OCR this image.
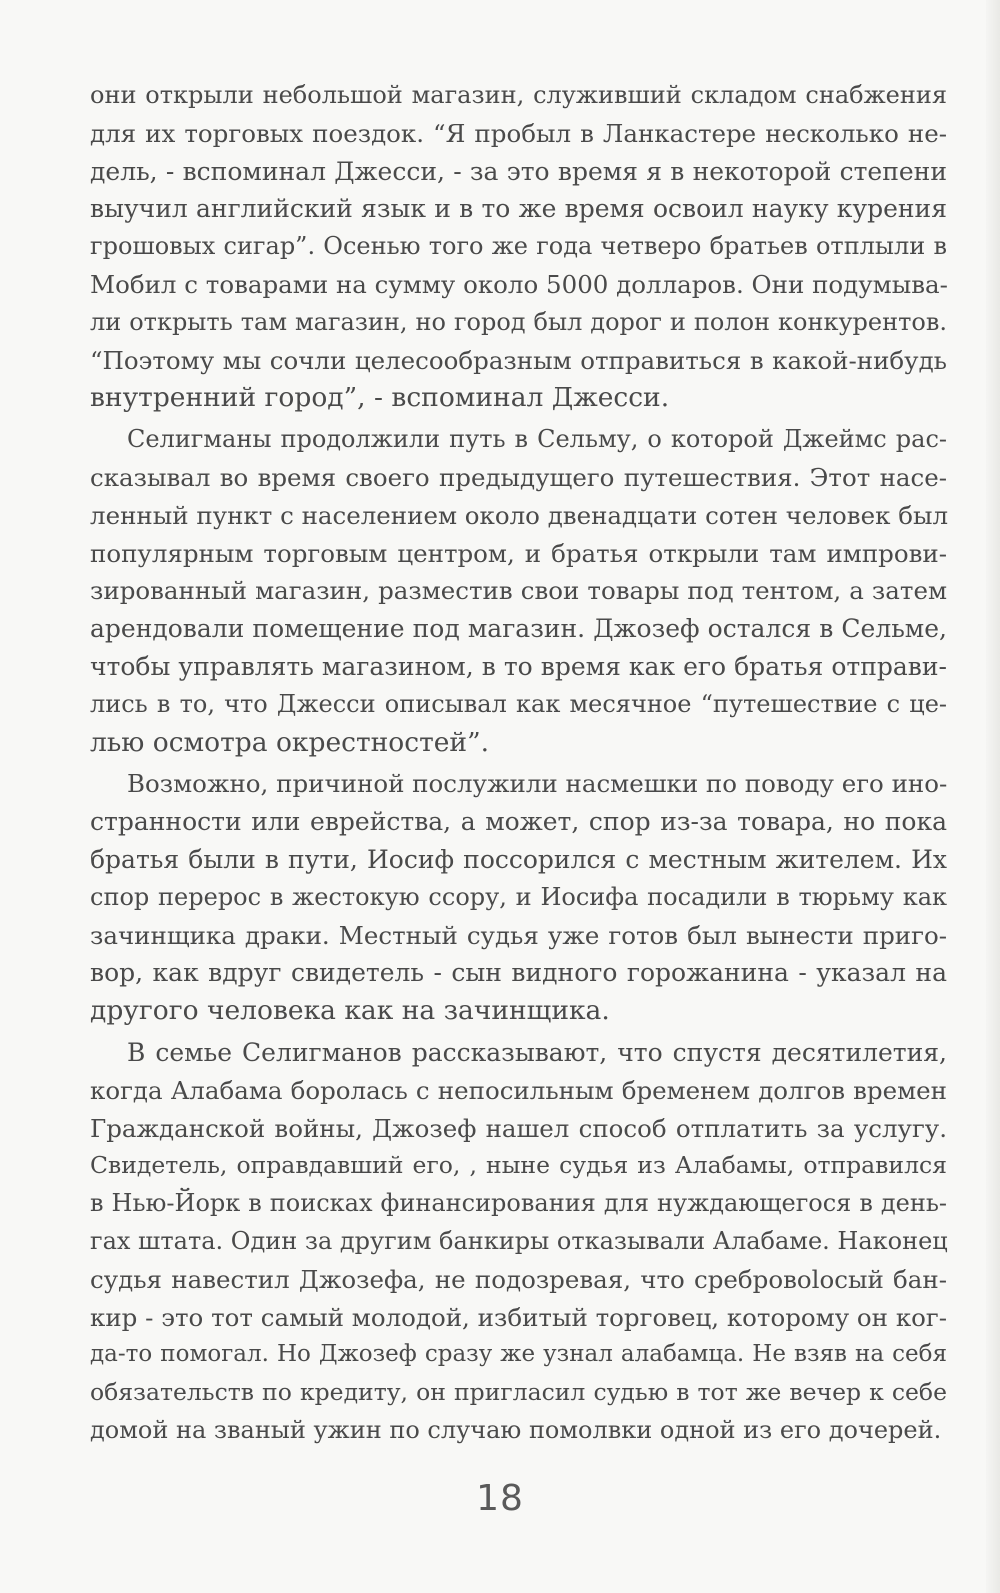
они открыли небольшой магазин, служивший складом снабжения
для их торговых поездок. “Я пробыл в Ланкастере несколько не-
дель, - вспоминал Джесси, - за это время я в некоторой степени
выучил английский язык и в то же время освоил науку курения
грошовых сигар”. Осенью того же года четверо братьев отплыли в
Мобил с товарами на сумму около 5000 долларов. Они подумыва-
ли открыть там магазин, но город был дорог и полон конкурентов.
“Поэтому мы сочли целесообразным отправиться в какой-нибудь
внутренний город”, - вспоминал Джесси.
Селигманы продолжили путь в Сельму, о которой Джеймс рас-
сказывал во время своего предыдущего путешествия. Этот насе-
ленный пункт с населением около двенадцати сотен человек был
популярным торговым центром, и братья открыли там импрови-
зированный магазин, разместив свои товары под тентом, а затем
арендовали помещение под магазин. Джозеф остался в Сельме,
чтобы управлять магазином, в то время как его братья отправи-
лись в то, что Джесси описывал как месячное “путешествие с це-
лью осмотра окрестностей”.
Возможно, причиной послужили насмешки по поводу его ино-
странности или еврейства, а может, спор из-за товара, но пока
братья были в пути, Иосиф поссорился с местным жителем. Их
спор перерос в жестокую ссору, и Иосифа посадили в тюрьму как
зачинщика драки. Местный судья уже готов был вынести приго-
вор, как вдруг свидетель - сын видного горожанина - указал на
другого человека как на зачинщика.
В семье Селигманов рассказывают, что спустя десятилетия,
когда Алабама боролась с непосильным бременем долгов времен
Гражданской войны, Джозеф нашел способ отплатить за услугу.
Свидетель, оправдавший его, , ныне судья из Алабамы, отправился
в Нью-Йорк в поисках финансирования для нуждающегося в день-
гах штата. Один за другим банкиры отказывали Алабаме. Наконец
судья навестил Джозефа, не подозревая, что сребровolосый бан-
кир - это тот самый молодой, избитый торговец, которому он ког-
да-то помогал. Но Джозеф сразу же узнал алабамца. Не взяв на себя
обязательств по кредиту, он пригласил судью в тот же вечер к себе
домой на званый ужин по случаю помолвки одной из его дочерей.
18
